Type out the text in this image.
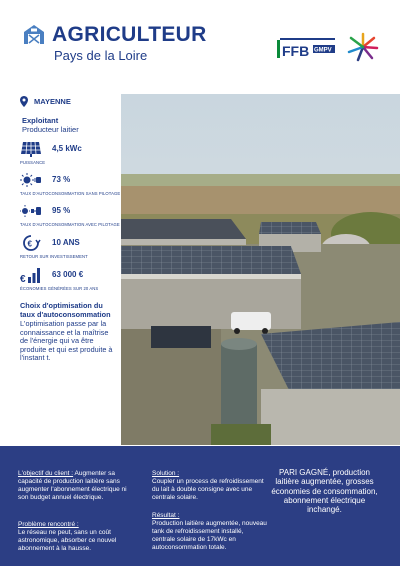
AGRICULTEUR
Pays de la Loire	FFB GMPV
MAYENNE
Exploitant
Producteur laitier
4,5 kWc
PUISSANCE
73 %
TAUX D'AUTOCONSOMMATION SANS PILOTAGE
95 %
TAUX D'AUTOCONSOMMATION AVEC PILOTAGE
€	10 ANS
RETOUR SUR INVESTISSEMENT
€	63 000 €
ÉCONOMIES GÉNÉRÉES SUR 20 ANS
Choix d'optimisation du taux d'autoconsommation
L'optimisation passe par la connaissance et la maîtrise de l'énergie qui va être produite et qui est produite à l'instant t.
L'objectif du client : Augmenter sa capacité de production laitière sans augmenter l'abonnement électrique ni son budget annuel électrique.
Problème rencontré :
Le réseau ne peut, sans un coût astronomique, absorber ce nouvel abonnement à la hausse.
Solution :
Coupler un process de refroidissement du lait à double consigne avec une centrale solaire.
Résultat :
Production laitière augmentée, nouveau tank de refroidissement installé, centrale solaire de 17kWc en autoconsommation totale.
PARI GAGNÉ, production laitière augmentée, grosses économies de consommation, abonnement électrique inchangé.
